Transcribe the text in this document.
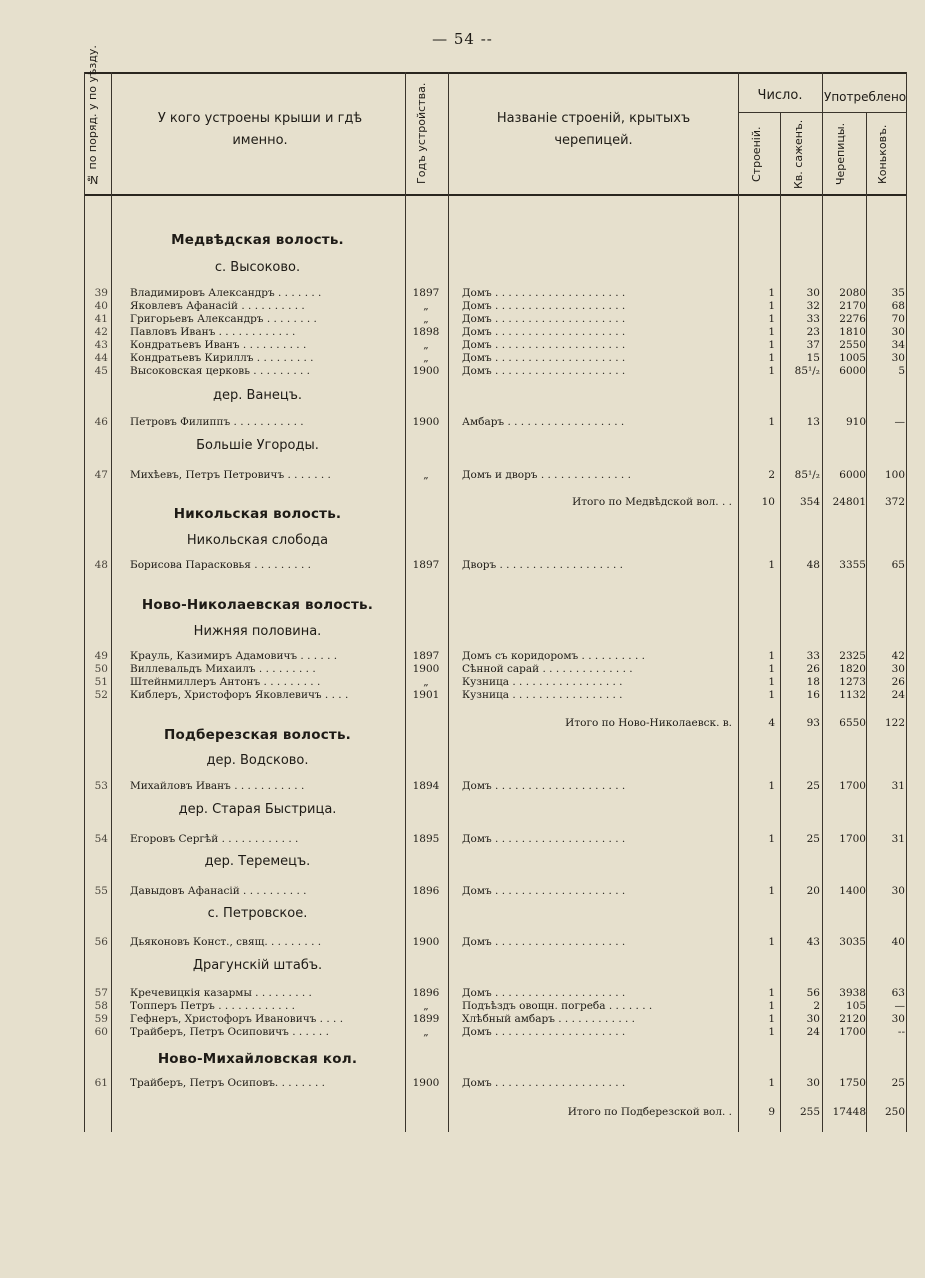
— 54 --
№ по поряд. у по уѣзду.	У кого устроены крыши и гдѣ именно.	Годъ устройства.	Названіе строеній, крытыхъ черепицей.
Число.
Строеній.	Кв. саженъ.
Употреблено
Черепицы.	Коньковъ.
Медвѣдская волость.
с. Высоково.
дер. Ванецъ.
Большіе Угороды.
Никольская волость.
Никольская слобода
Ново-Николаевская волость.
Нижняя половина.
Подберезская волость.
дер. Водсково.
дер. Старая Быстрица.
дер. Теремецъ.
с. Петровское.
Драгунскій штабъ.
Ново-Михайловская кол.
39 Владимировъ Александръ . . . . . . .	1897	Домъ . . . . . . . . . . . . . . . . . . . .	1	30	2080	35
40 Яковлевъ Афанасій . . . . . . . . . .	„	Домъ . . . . . . . . . . . . . . . . . . . .	1	32	2170	68
41 Григорьевъ Александръ . . . . . . . .	„	Домъ . . . . . . . . . . . . . . . . . . . .	1	33	2276	70
42 Павловъ Иванъ . . . . . . . . . . . .	1898	Домъ . . . . . . . . . . . . . . . . . . . .	1	23	1810	30
43 Кондратьевъ Иванъ . . . . . . . . . .	„	Домъ . . . . . . . . . . . . . . . . . . . .	1	37	2550	34
44 Кондратьевъ Кириллъ . . . . . . . . .	„	Домъ . . . . . . . . . . . . . . . . . . . .	1	15	1005	30
45 Высоковская церковь . . . . . . . . .	1900	Домъ . . . . . . . . . . . . . . . . . . . .	1	85¹/₂	6000	5
46 Петровъ Филиппъ . . . . . . . . . . .	1900	Амбаръ . . . . . . . . . . . . . . . . . .	1	13	910	—
47 Михѣевъ, Петръ Петровичъ . . . . . . .	„	Домъ и дворъ . . . . . . . . . . . . . .	2	85¹/₂	6000	100
Итого по Медвѣдской вол. . .	10	354	24801	372
48 Борисова Парасковья . . . . . . . . .	1897	Дворъ . . . . . . . . . . . . . . . . . . .	1	48	3355	65
49 Крауль, Казимиръ Адамовичъ . . . . . .	1897	Домъ съ коридоромъ . . . . . . . . . .	1	33	2325	42
50 Виллевальдъ Михаилъ . . . . . . . . .	1900	Сѣнной сарай . . . . . . . . . . . . . .	1	26	1820	30
51 Штейнмиллеръ Антонъ . . . . . . . . .	„	Кузница . . . . . . . . . . . . . . . . .	1	18	1273	26
52 Киблеръ, Христофоръ Яковлевичъ . . . .	1901	Кузница . . . . . . . . . . . . . . . . .	1	16	1132	24
Итого по Ново-Николаевск. в.	4	93	6550	122
53 Михайловъ Иванъ . . . . . . . . . . .	1894	Домъ . . . . . . . . . . . . . . . . . . . .	1	25	1700	31
54 Егоровъ Сергѣй . . . . . . . . . . . .	1895	Домъ . . . . . . . . . . . . . . . . . . . .	1	25	1700	31
55 Давыдовъ Афанасій . . . . . . . . . .	1896	Домъ . . . . . . . . . . . . . . . . . . . .	1	20	1400	30
56 Дьяконовъ Конст., свящ. . . . . . . . .	1900	Домъ . . . . . . . . . . . . . . . . . . . .	1	43	3035	40
57 Кречевицкія казармы . . . . . . . . .	1896	Домъ . . . . . . . . . . . . . . . . . . . .	1	56	3938	63
58 Топперъ Петръ . . . . . . . . . . . .	„	Подъѣздъ овощн. погреба . . . . . . .	1	2	105	—
59 Гефнеръ, Христофоръ Ивановичъ . . . .	1899	Хлѣбный амбаръ . . . . . . . . . . . .	1	30	2120	30
60 Трайберъ, Петръ Осиповичъ . . . . . .	„	Домъ . . . . . . . . . . . . . . . . . . . .	1	24	1700	--
61 Трайберъ, Петръ Осиповъ. . . . . . . .	1900	Домъ . . . . . . . . . . . . . . . . . . . .	1	30	1750	25
Итого по Подберезской вол. .	9	255	17448	250
